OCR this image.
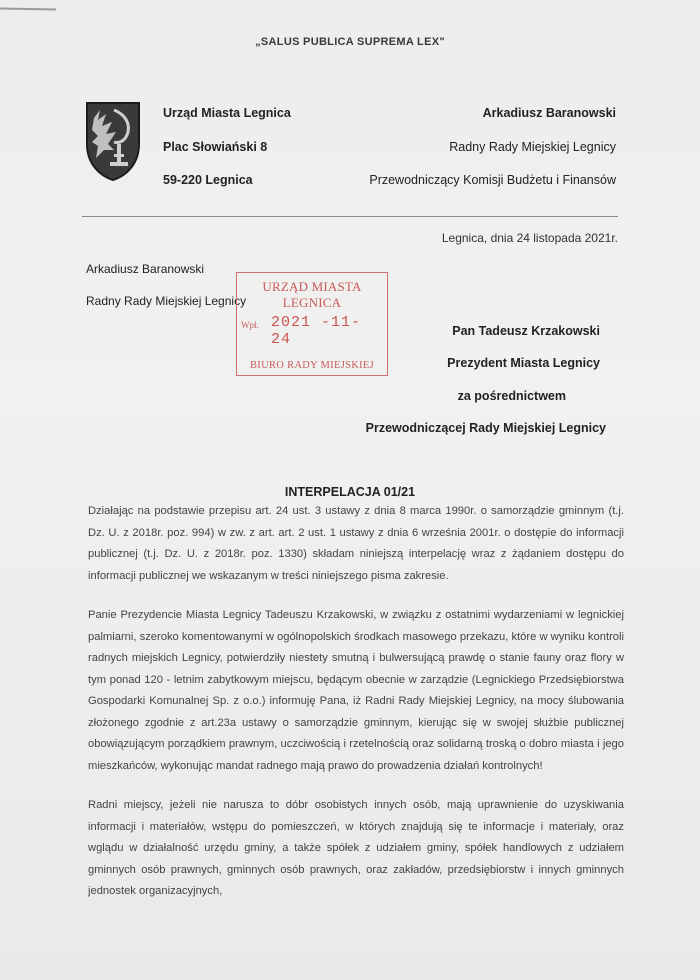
„SALUS PUBLICA SUPREMA LEX"
Urząd Miasta Legnica
Plac Słowiański 8
59-220 Legnica
Arkadiusz Baranowski
Radny Rady Miejskiej Legnicy
Przewodniczący Komisji Budżetu i Finansów
Legnica, dnia 24 listopada 2021r.
Arkadiusz Baranowski
Radny Rady Miejskiej Legnicy
URZĄD MIASTA LEGNICA
Wpł. 2021 -11- 24
BIURO RADY MIEJSKIEJ
Pan Tadeusz Krzakowski
Prezydent Miasta Legnicy
za pośrednictwem
Przewodniczącej Rady Miejskiej Legnicy
INTERPELACJA 01/21

Działając na podstawie przepisu art. 24 ust. 3 ustawy z dnia 8 marca 1990r. o samorządzie gminnym (t.j. Dz. U. z 2018r. poz. 994) w zw. z art. art. 2 ust. 1 ustawy z dnia 6 września 2001r. o dostępie do informacji publicznej (t.j. Dz. U. z 2018r. poz. 1330) składam niniejszą interpelację wraz z żądaniem dostępu do informacji publicznej we wskazanym w treści niniejszego pisma zakresie.

Panie Prezydencie Miasta Legnicy Tadeuszu Krzakowski, w związku z ostatnimi wydarzeniami w legnickiej palmiarni, szeroko komentowanymi w ogólnopolskich środkach masowego przekazu, które w wyniku kontroli radnych miejskich Legnicy, potwierdziły niestety smutną i bulwersującą prawdę o stanie fauny oraz flory w tym ponad 120 - letnim zabytkowym miejscu, będącym obecnie w zarządzie (Legnickiego Przedsiębiorstwa Gospodarki Komunalnej Sp. z o.o.) informuję Pana, iż Radni Rady Miejskiej Legnicy, na mocy ślubowania złożonego zgodnie z art.23a ustawy o samorządzie gminnym, kierując się w swojej służbie publicznej obowiązującym porządkiem prawnym, uczciwością i rzetelnością oraz solidarną troską o dobro miasta i jego mieszkańców, wykonując mandat radnego mają prawo do prowadzenia działań kontrolnych!

Radni miejscy, jeżeli nie narusza to dóbr osobistych innych osób, mają uprawnienie do uzyskiwania informacji i materiałów, wstępu do pomieszczeń, w których znajdują się te informacje i materiały, oraz wglądu w działalność urzędu gminy, a także spółek z udziałem gminy, spółek handlowych z udziałem gminnych osób prawnych, gminnych osób prawnych, oraz zakładów, przedsiębiorstw i innych gminnych jednostek organizacyjnych,
